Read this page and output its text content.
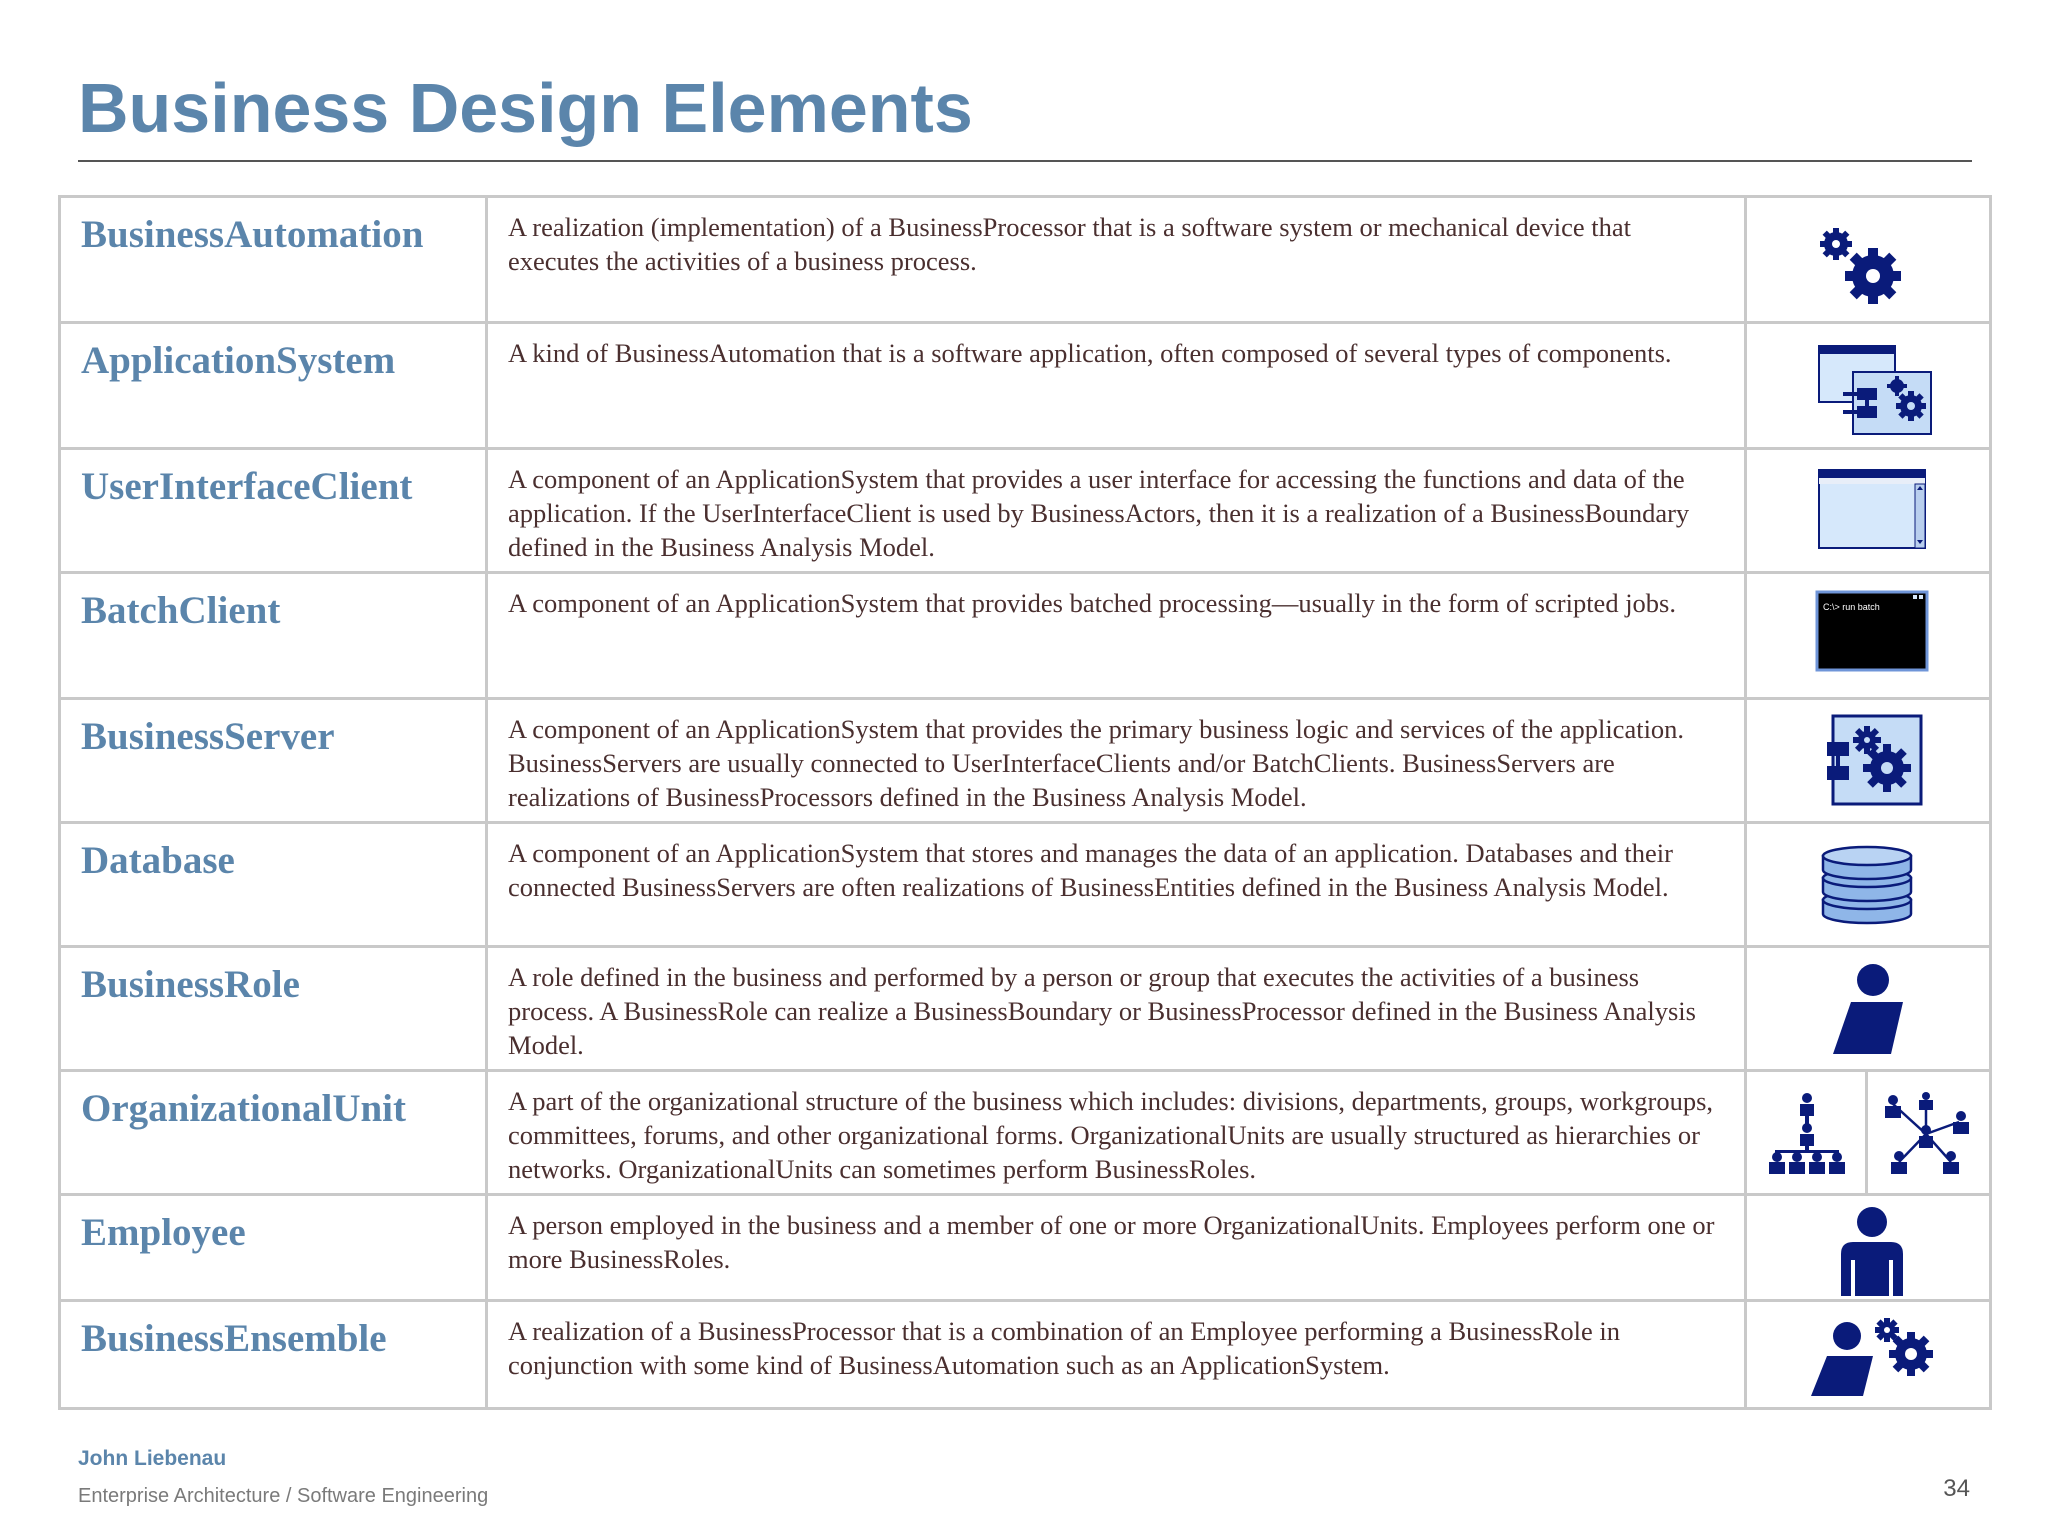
Business Design Elements
BusinessAutomation	A realization (implementation) of a BusinessProcessor that is a software system or mechanical device that executes the activities of a business process.	

ApplicationSystem	A kind of BusinessAutomation that is a software application, often composed of several types of components.	

UserInterfaceClient	A component of an ApplicationSystem that provides a user interface for accessing the functions and data of the application. If the UserInterfaceClient is used by BusinessActors, then it is a realization of a BusinessBoundary defined in the Business Analysis Model.	

BatchClient	A component of an ApplicationSystem that provides batched processing—usually in the form of scripted jobs.	C:\> run batch

BusinessServer	A component of an ApplicationSystem that provides the primary business logic and services of the application. BusinessServers are usually connected to UserInterfaceClients and/or BatchClients. BusinessServers are realizations of BusinessProcessors defined in the Business Analysis Model.	

Database	A component of an ApplicationSystem that stores and manages the data of an application. Databases and their connected BusinessServers are often realizations of BusinessEntities defined in the Business Analysis Model.	

BusinessRole	A role defined in the business and performed by a person or group that executes the activities of a business process. A BusinessRole can realize a BusinessBoundary or BusinessProcessor defined in the Business Analysis Model.	

OrganizationalUnit	A part of the organizational structure of the business which includes: divisions, departments, groups, workgroups, committees, forums, and other organizational forms. OrganizationalUnits are usually structured as hierarchies or networks. OrganizationalUnits can sometimes perform BusinessRoles.	

Employee	A person employed in the business and a member of one or more OrganizationalUnits. Employees perform one or more BusinessRoles.	

BusinessEnsemble	A realization of a BusinessProcessor that is a combination of an Employee performing a BusinessRole in conjunction with some kind of BusinessAutomation such as an ApplicationSystem.	
John Liebenau
Enterprise Architecture / Software Engineering	34
